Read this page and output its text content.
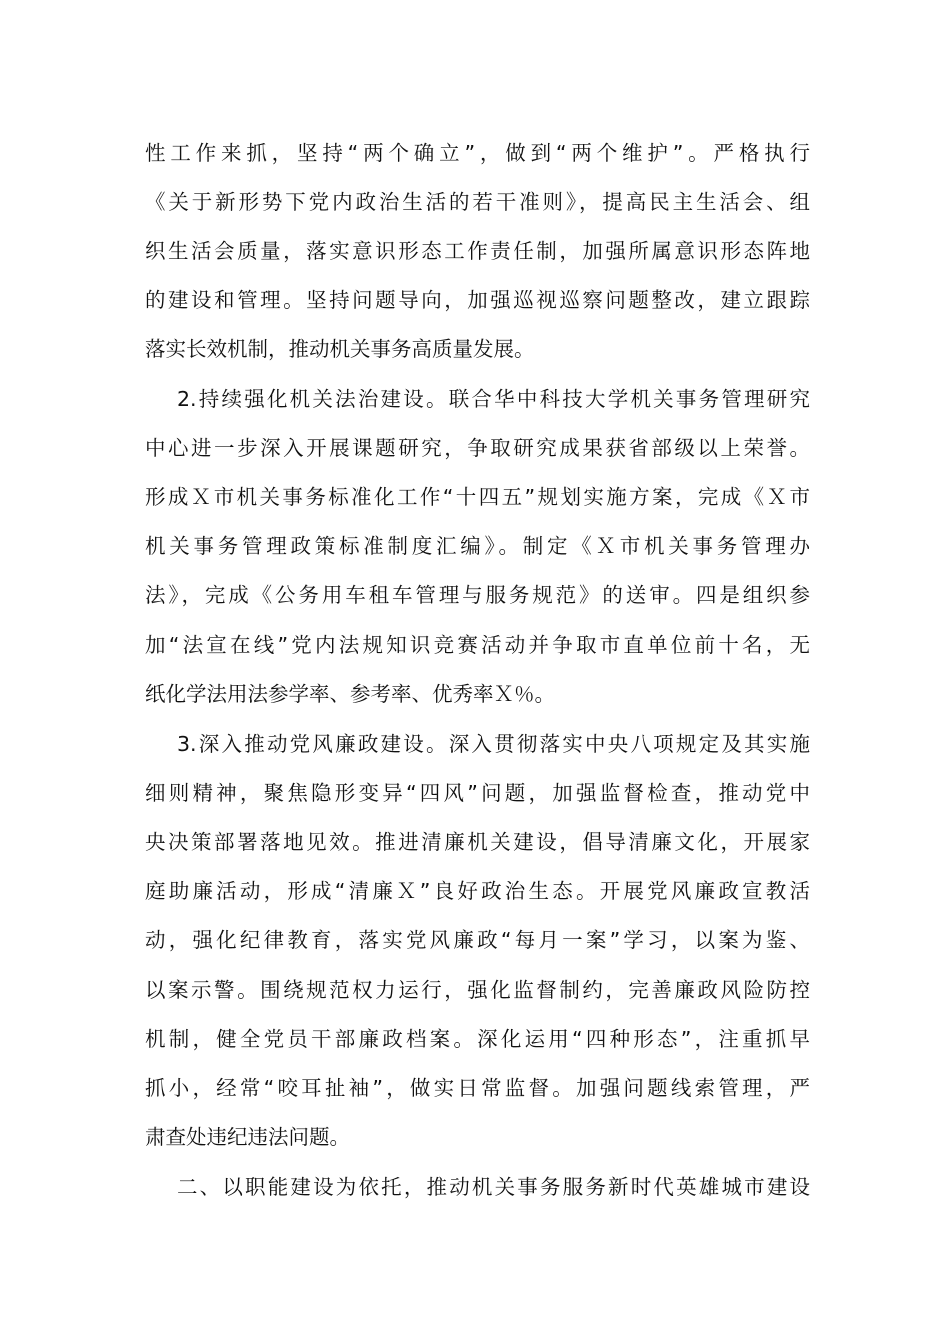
性工作来抓，坚持“两个确立”，做到“两个维护”。严格执行
《关于新形势下党内政治生活的若干准则》，提高民主生活会、组
织生活会质量，落实意识形态工作责任制，加强所属意识形态阵地
的建设和管理。坚持问题导向，加强巡视巡察问题整改，建立跟踪
落实长效机制，推动机关事务高质量发展。
2.持续强化机关法治建设。联合华中科技大学机关事务管理研究
中心进一步深入开展课题研究，争取研究成果获省部级以上荣誉。
形成Ｘ市机关事务标准化工作“十四五”规划实施方案，完成《Ｘ市
机关事务管理政策标准制度汇编》。制定《Ｘ市机关事务管理办
法》，完成《公务用车租车管理与服务规范》的送审。四是组织参
加“法宣在线”党内法规知识竞赛活动并争取市直单位前十名，无
纸化学法用法参学率、参考率、优秀率Ｘ％。
3.深入推动党风廉政建设。深入贯彻落实中央八项规定及其实施
细则精神，聚焦隐形变异“四风”问题，加强监督检查，推动党中
央决策部署落地见效。推进清廉机关建设，倡导清廉文化，开展家
庭助廉活动，形成“清廉Ｘ”良好政治生态。开展党风廉政宣教活
动，强化纪律教育，落实党风廉政“每月一案”学习，以案为鉴、
以案示警。围绕规范权力运行，强化监督制约，完善廉政风险防控
机制，健全党员干部廉政档案。深化运用“四种形态”，注重抓早
抓小，经常“咬耳扯袖”，做实日常监督。加强问题线索管理，严
肃查处违纪违法问题。
二、以职能建设为依托，推动机关事务服务新时代英雄城市建设
